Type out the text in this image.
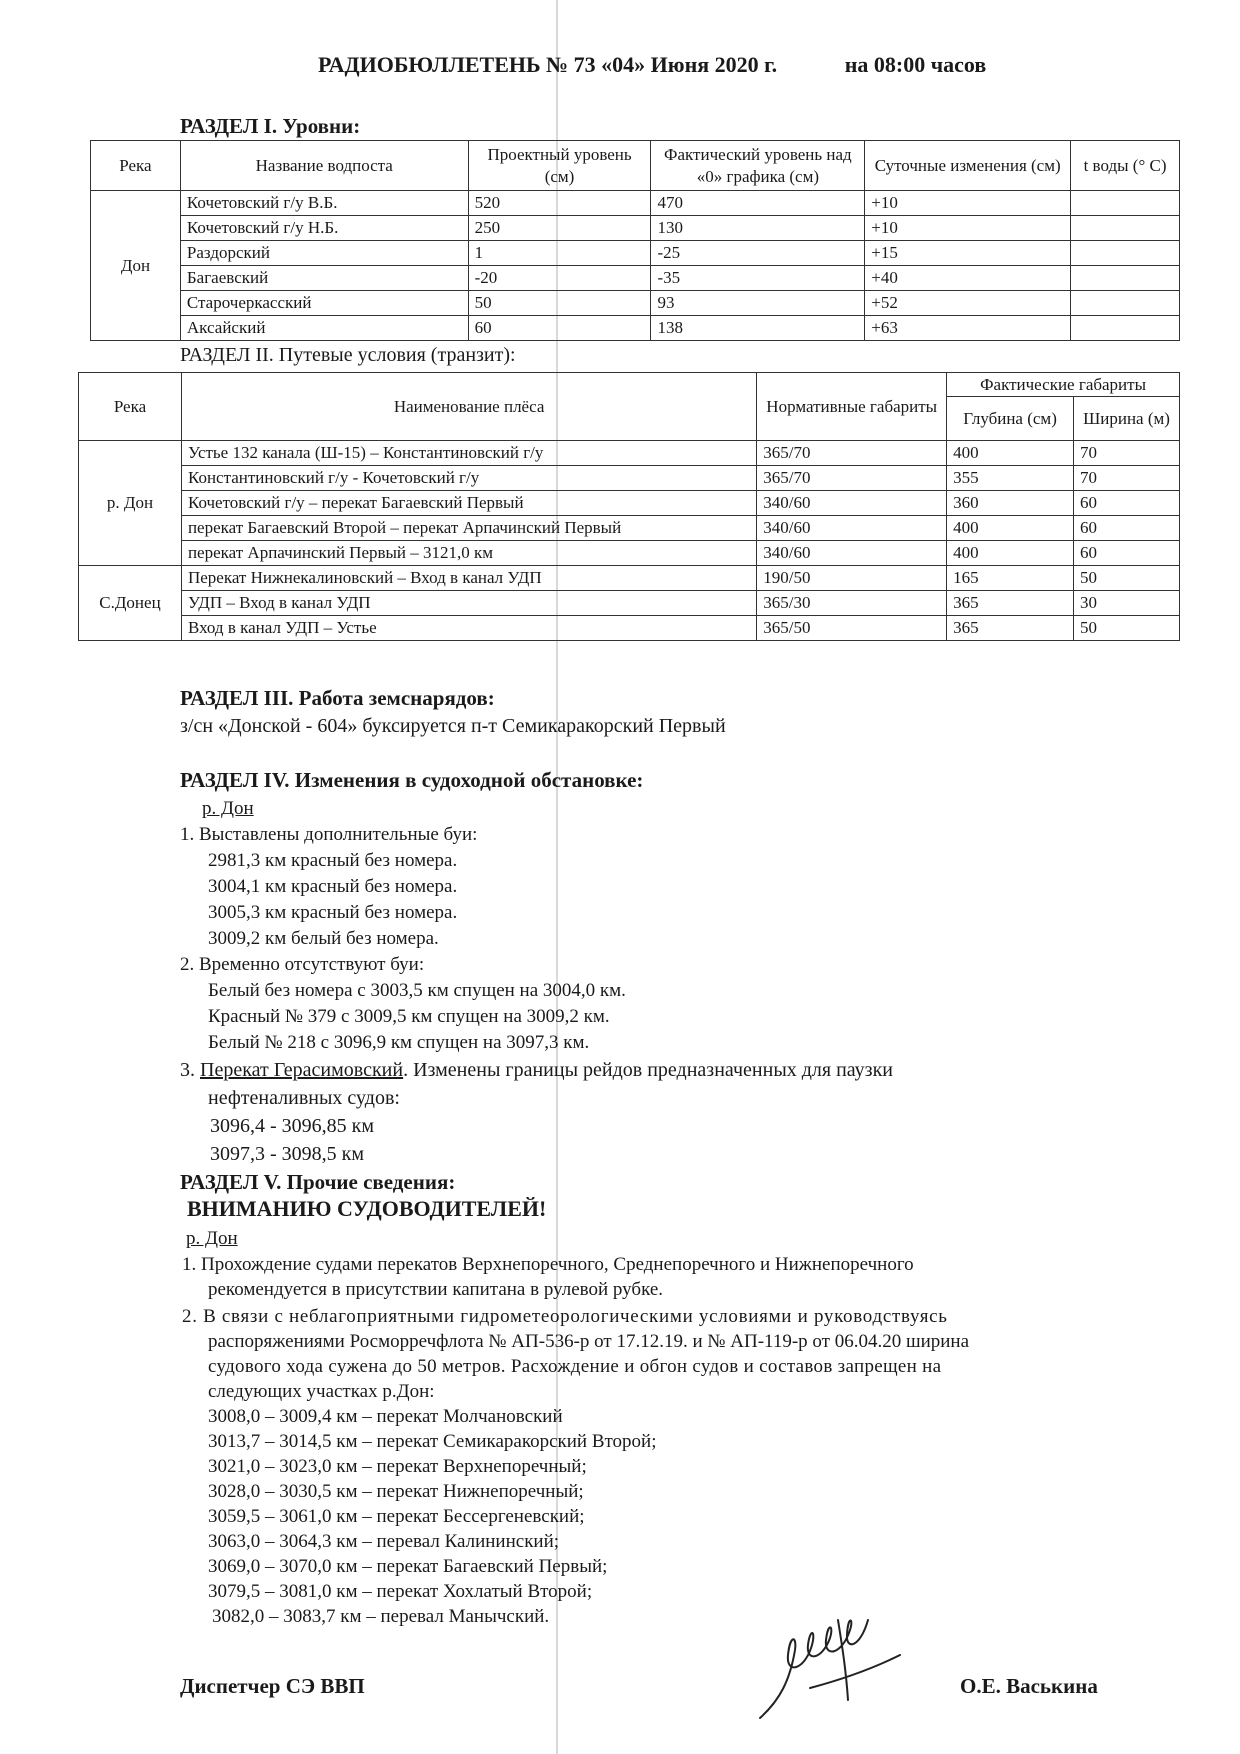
РАДИОБЮЛЛЕТЕНЬ № 73 «04» Июня 2020 г.	на 08:00 часов
РАЗДЕЛ I. Уровни:
Река	Название водпоста	Проектный уровень (см)	Фактический уровень над «0» графика (см)	Суточные изменения (см)	t воды (° С)
Дон	Кочетовский г/у В.Б.	520	470	+10	
	Кочетовский г/у Н.Б.	250	130	+10	
	Раздорский	1	-25	+15	
	Багаевский	-20	-35	+40	
	Старочеркасский	50	93	+52	
	Аксайский	60	138	+63	
РАЗДЕЛ II. Путевые условия (транзит):
Река	Наименование плёса	Нормативные габариты	Фактические габариты	
			Глубина (см)	Ширина (м)
р. Дон	Устье 132 канала (Ш-15) – Константиновский г/у	365/70	400	70
	Константиновский г/у - Кочетовский г/у	365/70	355	70
	Кочетовский г/у – перекат Багаевский Первый	340/60	360	60
	перекат Багаевский Второй – перекат Арпачинский Первый	340/60	400	60
	перекат Арпачинский Первый – 3121,0 км	340/60	400	60
С.Донец	Перекат Нижнекалиновский – Вход в канал УДП	190/50	165	50
	УДП – Вход в канал УДП	365/30	365	30
	Вход в канал УДП – Устье	365/50	365	50
РАЗДЕЛ III. Работа земснарядов:
з/сн «Донской - 604» буксируется п-т Семикаракорский Первый
РАЗДЕЛ IV. Изменения в судоходной обстановке:
р. Дон
1. Выставлены дополнительные буи:
2981,3 км красный без номера.
3004,1 км красный без номера.
3005,3 км красный без номера.
3009,2 км белый без номера.
2. Временно отсутствуют буи:
Белый без номера с 3003,5 км спущен на 3004,0 км.
Красный № 379 с 3009,5 км спущен на 3009,2 км.
Белый № 218 с 3096,9 км спущен на 3097,3 км.
3. Перекат Герасимовский. Изменены границы рейдов предназначенных для паузки
нефтеналивных судов:
3096,4 - 3096,85 км
3097,3 - 3098,5 км
РАЗДЕЛ V. Прочие сведения:
ВНИМАНИЮ СУДОВОДИТЕЛЕЙ!
р. Дон
1. Прохождение судами перекатов Верхнепоречного, Среднепоречного и Нижнепоречного
рекомендуется в присутствии капитана в рулевой рубке.
2. В связи с неблагоприятными гидрометеорологическими условиями и руководствуясь
распоряжениями Росморречфлота № АП-536-р от 17.12.19. и № АП-119-р от 06.04.20 ширина
судового хода сужена до 50 метров. Расхождение и обгон судов и составов запрещен на
следующих участках р.Дон:
3008,0 – 3009,4 км – перекат Молчановский
3013,7 – 3014,5 км – перекат Семикаракорский Второй;
3021,0 – 3023,0 км – перекат Верхнепоречный;
3028,0 – 3030,5 км – перекат Нижнепоречный;
3059,5 – 3061,0 км – перекат Бессергеневский;
3063,0 – 3064,3 км – перевал Калининский;
3069,0 – 3070,0 км – перекат Багаевский Первый;
3079,5 – 3081,0 км – перекат Хохлатый Второй;
3082,0 – 3083,7 км – перевал Манычский.
Диспетчер СЭ ВВП	О.Е. Васькина
